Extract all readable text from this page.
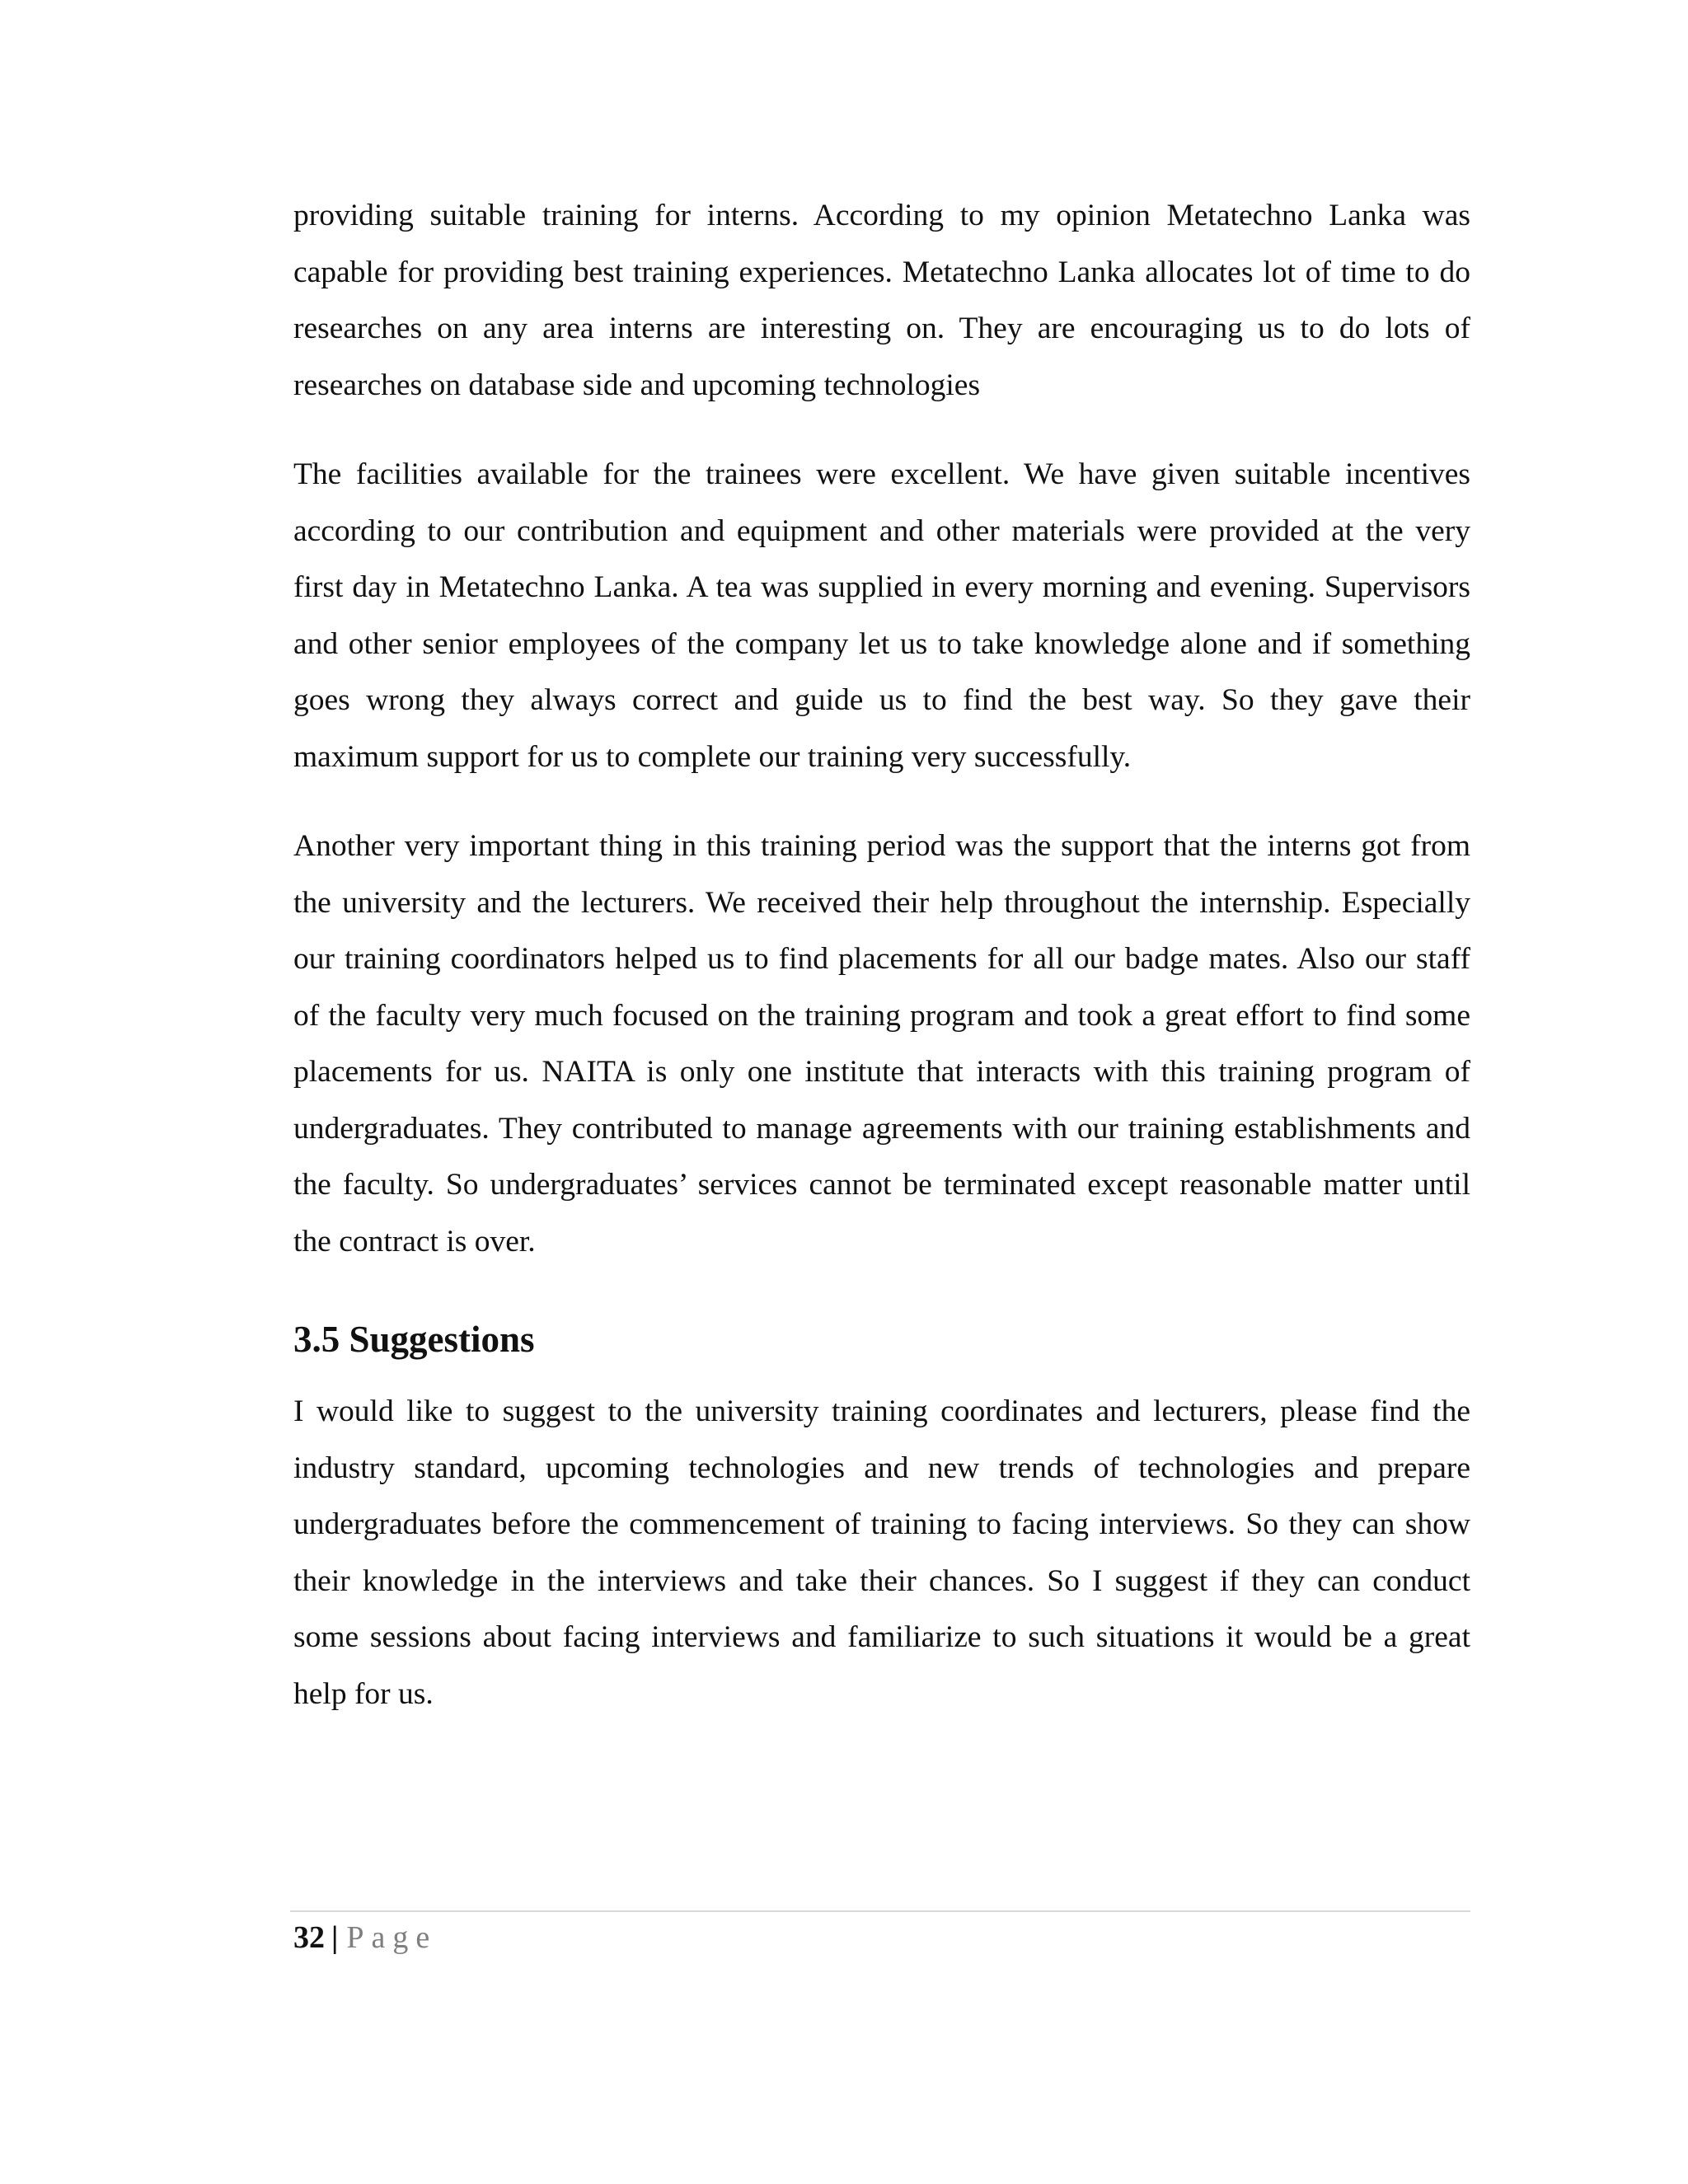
providing suitable training for interns. According to my opinion Metatechno Lanka was capable for providing best training experiences. Metatechno Lanka allocates lot of time to do researches on any area interns are interesting on. They are encouraging us to do lots of researches on database side and upcoming technologies

The facilities available for the trainees were excellent. We have given suitable incentives according to our contribution and equipment and other materials were provided at the very first day in Metatechno Lanka. A tea was supplied in every morning and evening. Supervisors and other senior employees of the company let us to take knowledge alone and if something goes wrong they always correct and guide us to find the best way. So they gave their maximum support for us to complete our training very successfully.

Another very important thing in this training period was the support that the interns got from the university and the lecturers. We received their help throughout the internship. Especially our training coordinators helped us to find placements for all our badge mates. Also our staff of the faculty very much focused on the training program and took a great effort to find some placements for us. NAITA is only one institute that interacts with this training program of undergraduates. They contributed to manage agreements with our training establishments and the faculty. So undergraduates’ services cannot be terminated except reasonable matter until the contract is over.

3.5 Suggestions

I would like to suggest to the university training coordinates and lecturers, please find the industry standard, upcoming technologies and new trends of technologies and prepare undergraduates before the commencement of training to facing interviews. So they can show their knowledge in the interviews and take their chances. So I suggest if they can conduct some sessions about facing interviews and familiarize to such situations it would be a great help for us.

32 | Page
